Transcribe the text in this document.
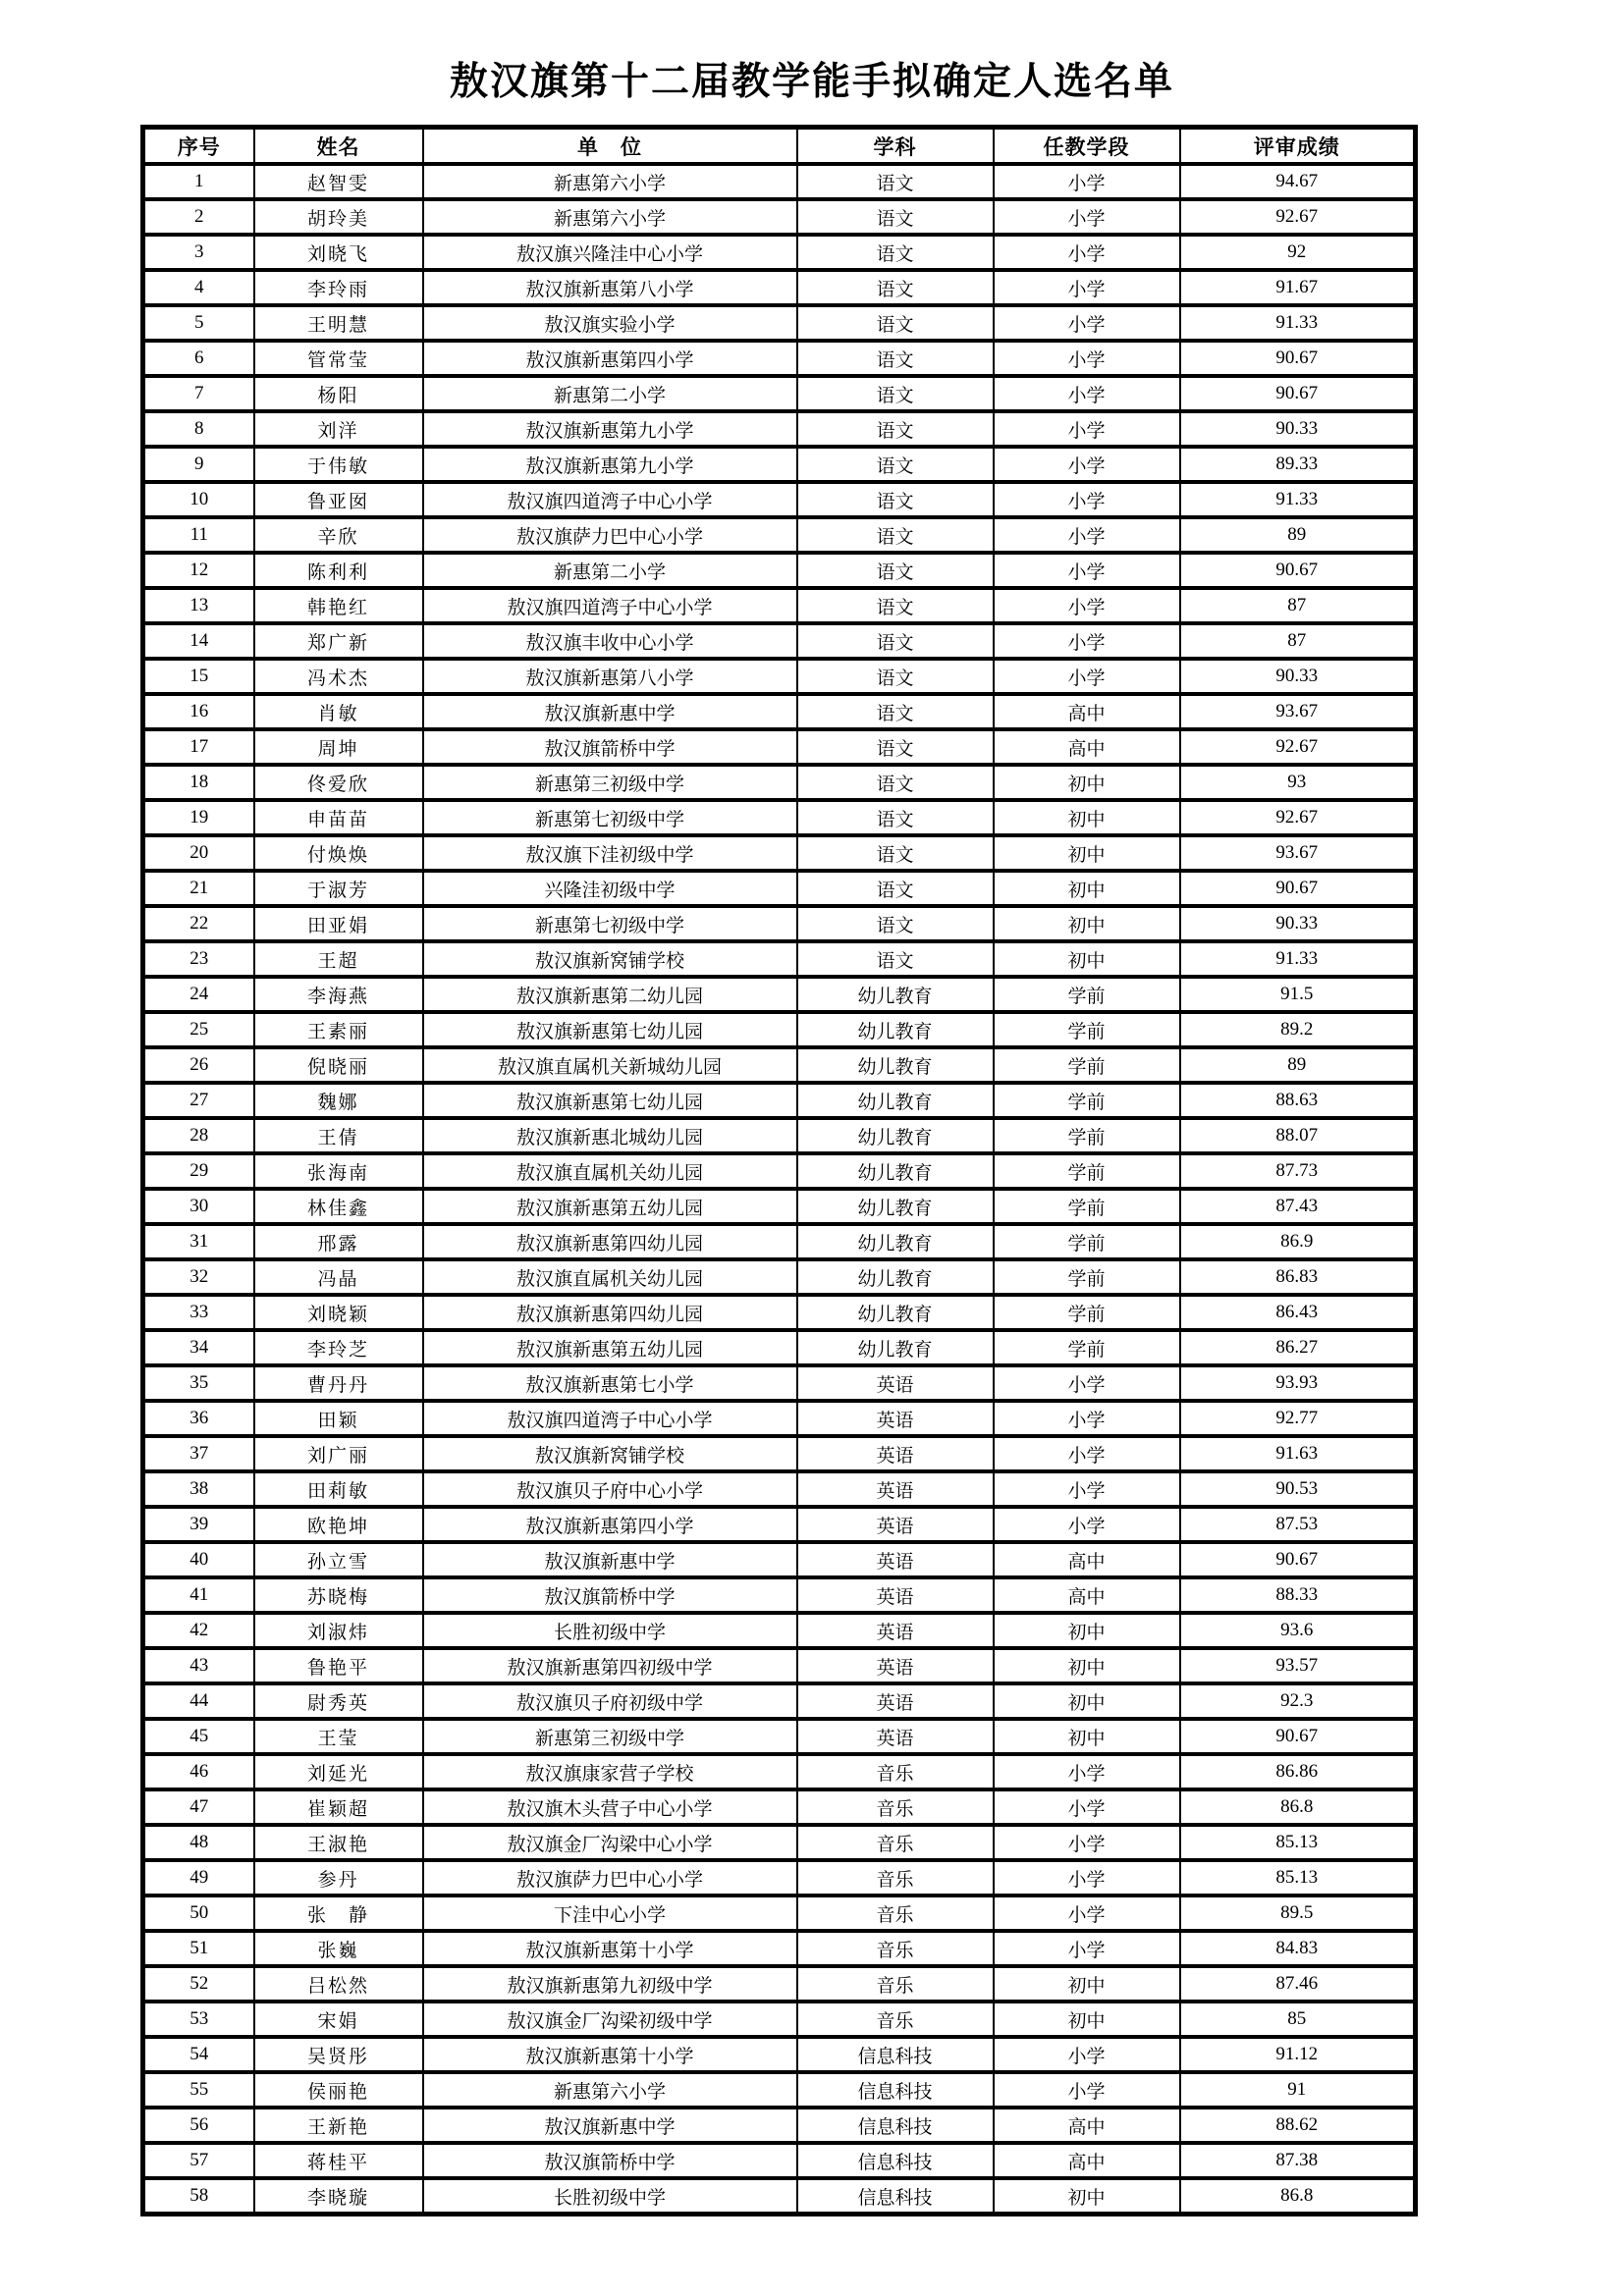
敖汉旗第十二届教学能手拟确定人选名单
序号	姓名	单　位	学科	任教学段	评审成绩
1	赵智雯	新惠第六小学	语文	小学	94.67
2	胡玲美	新惠第六小学	语文	小学	92.67
3	刘晓飞	敖汉旗兴隆洼中心小学	语文	小学	92
4	李玲雨	敖汉旗新惠第八小学	语文	小学	91.67
5	王明慧	敖汉旗实验小学	语文	小学	91.33
6	管常莹	敖汉旗新惠第四小学	语文	小学	90.67
7	杨阳	新惠第二小学	语文	小学	90.67
8	刘洋	敖汉旗新惠第九小学	语文	小学	90.33
9	于伟敏	敖汉旗新惠第九小学	语文	小学	89.33
10	鲁亚囡	敖汉旗四道湾子中心小学	语文	小学	91.33
11	辛欣	敖汉旗萨力巴中心小学	语文	小学	89
12	陈利利	新惠第二小学	语文	小学	90.67
13	韩艳红	敖汉旗四道湾子中心小学	语文	小学	87
14	郑广新	敖汉旗丰收中心小学	语文	小学	87
15	冯术杰	敖汉旗新惠第八小学	语文	小学	90.33
16	肖敏	敖汉旗新惠中学	语文	高中	93.67
17	周坤	敖汉旗箭桥中学	语文	高中	92.67
18	佟爱欣	新惠第三初级中学	语文	初中	93
19	申苗苗	新惠第七初级中学	语文	初中	92.67
20	付焕焕	敖汉旗下洼初级中学	语文	初中	93.67
21	于淑芳	兴隆洼初级中学	语文	初中	90.67
22	田亚娟	新惠第七初级中学	语文	初中	90.33
23	王超	敖汉旗新窝铺学校	语文	初中	91.33
24	李海燕	敖汉旗新惠第二幼儿园	幼儿教育	学前	91.5
25	王素丽	敖汉旗新惠第七幼儿园	幼儿教育	学前	89.2
26	倪晓丽	敖汉旗直属机关新城幼儿园	幼儿教育	学前	89
27	魏娜	敖汉旗新惠第七幼儿园	幼儿教育	学前	88.63
28	王倩	敖汉旗新惠北城幼儿园	幼儿教育	学前	88.07
29	张海南	敖汉旗直属机关幼儿园	幼儿教育	学前	87.73
30	林佳鑫	敖汉旗新惠第五幼儿园	幼儿教育	学前	87.43
31	邢露	敖汉旗新惠第四幼儿园	幼儿教育	学前	86.9
32	冯晶	敖汉旗直属机关幼儿园	幼儿教育	学前	86.83
33	刘晓颖	敖汉旗新惠第四幼儿园	幼儿教育	学前	86.43
34	李玲芝	敖汉旗新惠第五幼儿园	幼儿教育	学前	86.27
35	曹丹丹	敖汉旗新惠第七小学	英语	小学	93.93
36	田颖	敖汉旗四道湾子中心小学	英语	小学	92.77
37	刘广丽	敖汉旗新窝铺学校	英语	小学	91.63
38	田莉敏	敖汉旗贝子府中心小学	英语	小学	90.53
39	欧艳坤	敖汉旗新惠第四小学	英语	小学	87.53
40	孙立雪	敖汉旗新惠中学	英语	高中	90.67
41	苏晓梅	敖汉旗箭桥中学	英语	高中	88.33
42	刘淑炜	长胜初级中学	英语	初中	93.6
43	鲁艳平	敖汉旗新惠第四初级中学	英语	初中	93.57
44	尉秀英	敖汉旗贝子府初级中学	英语	初中	92.3
45	王莹	新惠第三初级中学	英语	初中	90.67
46	刘延光	敖汉旗康家营子学校	音乐	小学	86.86
47	崔颖超	敖汉旗木头营子中心小学	音乐	小学	86.8
48	王淑艳	敖汉旗金厂沟梁中心小学	音乐	小学	85.13
49	参丹	敖汉旗萨力巴中心小学	音乐	小学	85.13
50	张　静	下洼中心小学	音乐	小学	89.5
51	张巍	敖汉旗新惠第十小学	音乐	小学	84.83
52	吕松然	敖汉旗新惠第九初级中学	音乐	初中	87.46
53	宋娟	敖汉旗金厂沟梁初级中学	音乐	初中	85
54	吴贤彤	敖汉旗新惠第十小学	信息科技	小学	91.12
55	侯丽艳	新惠第六小学	信息科技	小学	91
56	王新艳	敖汉旗新惠中学	信息科技	高中	88.62
57	蒋桂平	敖汉旗箭桥中学	信息科技	高中	87.38
58	李晓璇	长胜初级中学	信息科技	初中	86.8
